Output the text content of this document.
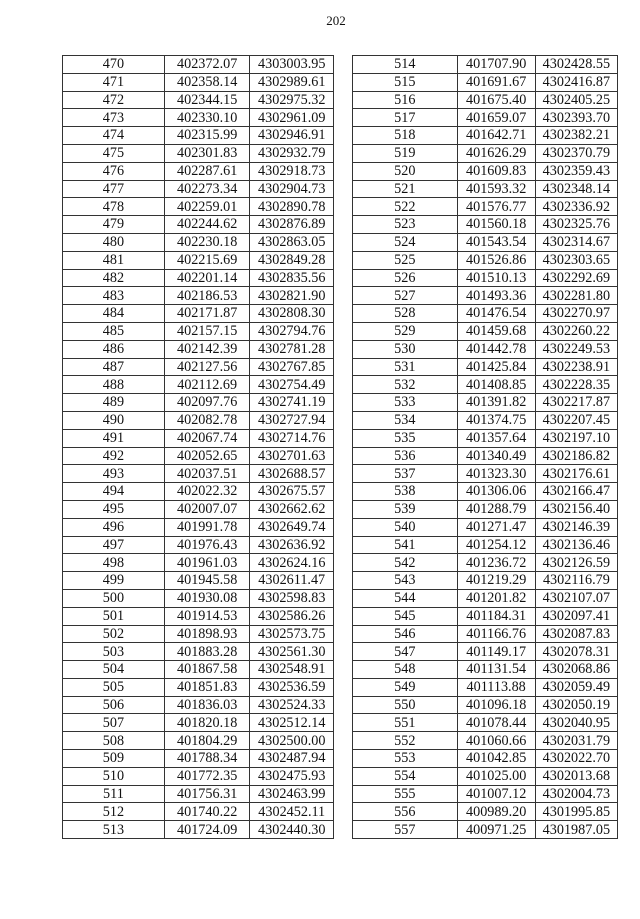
202
470	402372.07	4303003.95
471	402358.14	4302989.61
472	402344.15	4302975.32
473	402330.10	4302961.09
474	402315.99	4302946.91
475	402301.83	4302932.79
476	402287.61	4302918.73
477	402273.34	4302904.73
478	402259.01	4302890.78
479	402244.62	4302876.89
480	402230.18	4302863.05
481	402215.69	4302849.28
482	402201.14	4302835.56
483	402186.53	4302821.90
484	402171.87	4302808.30
485	402157.15	4302794.76
486	402142.39	4302781.28
487	402127.56	4302767.85
488	402112.69	4302754.49
489	402097.76	4302741.19
490	402082.78	4302727.94
491	402067.74	4302714.76
492	402052.65	4302701.63
493	402037.51	4302688.57
494	402022.32	4302675.57
495	402007.07	4302662.62
496	401991.78	4302649.74
497	401976.43	4302636.92
498	401961.03	4302624.16
499	401945.58	4302611.47
500	401930.08	4302598.83
501	401914.53	4302586.26
502	401898.93	4302573.75
503	401883.28	4302561.30
504	401867.58	4302548.91
505	401851.83	4302536.59
506	401836.03	4302524.33
507	401820.18	4302512.14
508	401804.29	4302500.00
509	401788.34	4302487.94
510	401772.35	4302475.93
511	401756.31	4302463.99
512	401740.22	4302452.11
513	401724.09	4302440.30
514	401707.90	4302428.55
515	401691.67	4302416.87
516	401675.40	4302405.25
517	401659.07	4302393.70
518	401642.71	4302382.21
519	401626.29	4302370.79
520	401609.83	4302359.43
521	401593.32	4302348.14
522	401576.77	4302336.92
523	401560.18	4302325.76
524	401543.54	4302314.67
525	401526.86	4302303.65
526	401510.13	4302292.69
527	401493.36	4302281.80
528	401476.54	4302270.97
529	401459.68	4302260.22
530	401442.78	4302249.53
531	401425.84	4302238.91
532	401408.85	4302228.35
533	401391.82	4302217.87
534	401374.75	4302207.45
535	401357.64	4302197.10
536	401340.49	4302186.82
537	401323.30	4302176.61
538	401306.06	4302166.47
539	401288.79	4302156.40
540	401271.47	4302146.39
541	401254.12	4302136.46
542	401236.72	4302126.59
543	401219.29	4302116.79
544	401201.82	4302107.07
545	401184.31	4302097.41
546	401166.76	4302087.83
547	401149.17	4302078.31
548	401131.54	4302068.86
549	401113.88	4302059.49
550	401096.18	4302050.19
551	401078.44	4302040.95
552	401060.66	4302031.79
553	401042.85	4302022.70
554	401025.00	4302013.68
555	401007.12	4302004.73
556	400989.20	4301995.85
557	400971.25	4301987.05
